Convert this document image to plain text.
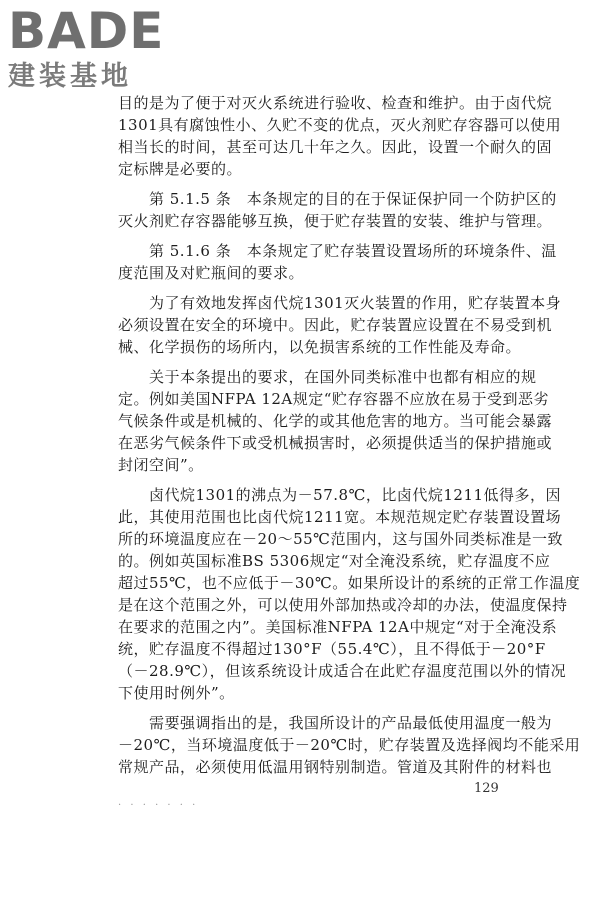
BADE
建装基地
目的是为了便于对灭火系统进行验收、检查和维护。由于卤代烷
1301具有腐蚀性小、久贮不变的优点，灭火剂贮存容器可以使用
相当长的时间，甚至可达几十年之久。因此，设置一个耐久的固
定标牌是必要的。
　　第 5.1.5 条　本条规定的目的在于保证保护同一个防护区的
灭火剂贮存容器能够互换，便于贮存装置的安装、维护与管理。
　　第 5.1.6 条　本条规定了贮存装置设置场所的环境条件、温
度范围及对贮瓶间的要求。
　　为了有效地发挥卤代烷1301灭火装置的作用，贮存装置本身
必须设置在安全的环境中。因此，贮存装置应设置在不易受到机
械、化学损伤的场所内，以免损害系统的工作性能及寿命。
　　关于本条提出的要求，在国外同类标准中也都有相应的规
定。例如美国NFPA 12A规定“贮存容器不应放在易于受到恶劣
气候条件或是机械的、化学的或其他危害的地方。当可能会暴露
在恶劣气候条件下或受机械损害时，必须提供适当的保护措施或
封闭空间”。
　　卤代烷1301的沸点为－57.8℃，比卤代烷1211低得多，因
此，其使用范围也比卤代烷1211宽。本规范规定贮存装置设置场
所的环境温度应在－20～55℃范围内，这与国外同类标准是一致
的。例如英国标准BS 5306规定“对全淹没系统，贮存温度不应
超过55℃，也不应低于－30℃。如果所设计的系统的正常工作温度
是在这个范围之外，可以使用外部加热或冷却的办法，使温度保持
在要求的范围之内”。美国标准NFPA 12A中规定“对于全淹没系
统，贮存温度不得超过130°F（55.4℃），且不得低于－20°F
（－28.9℃），但该系统设计成适合在此贮存温度范围以外的情况
下使用时例外”。
　　需要强调指出的是，我国所设计的产品最低使用温度一般为
－20℃，当环境温度低于－20℃时，贮存装置及选择阀均不能采用
常规产品，必须使用低温用钢特别制造。管道及其附件的材料也
129
· · · · · · ·
